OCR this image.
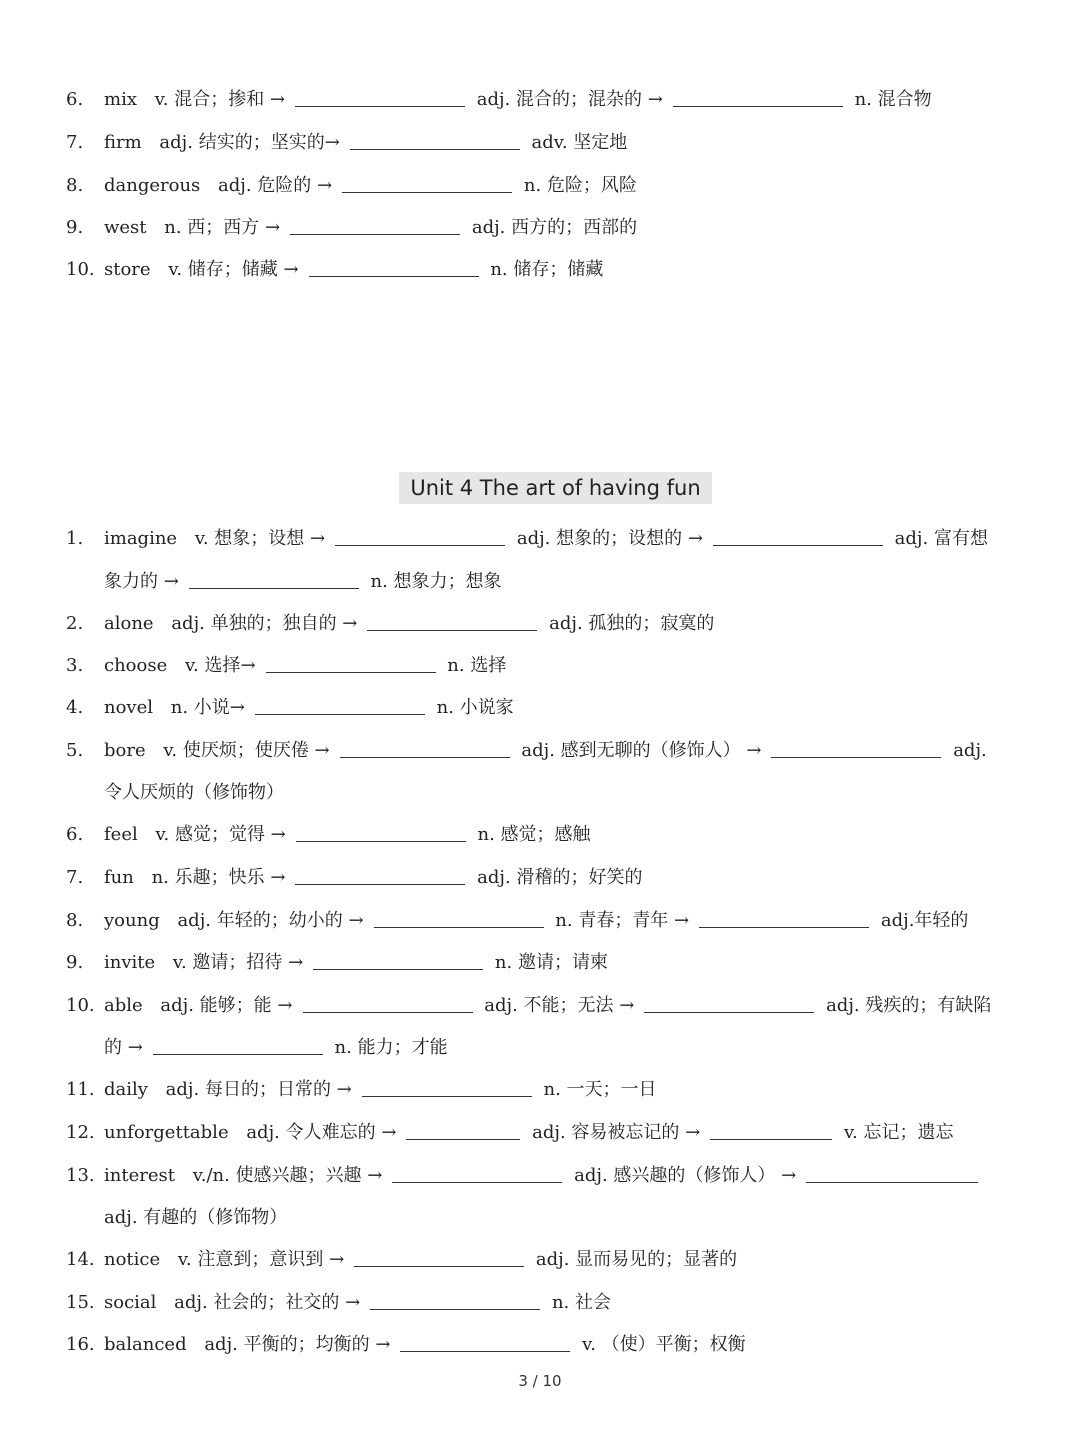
6. mix v. 混合；掺和 →	adj. 混合的；混杂的 →	n. 混合物
7. firm adj. 结实的；坚实的→	adv. 坚定地
8. dangerous adj. 危险的 →	n. 危险；风险
9. west n. 西；西方 →	adj. 西方的；西部的
10. store v. 储存；储藏 →	n. 储存；储藏
Unit 4 The art of having fun
1. imagine v. 想象；设想 →	adj. 想象的；设想的 →	adj. 富有想
象力的 →	n. 想象力；想象
2. alone adj. 单独的；独自的 →	adj. 孤独的；寂寞的
3. choose v. 选择→	n. 选择
4. novel n. 小说→	n. 小说家
5. bore v. 使厌烦；使厌倦 →	adj. 感到无聊的（修饰人） →	adj.
令人厌烦的（修饰物）
6. feel v. 感觉；觉得 →	n. 感觉；感触
7. fun n. 乐趣；快乐 →	adj. 滑稽的；好笑的
8. young adj. 年轻的；幼小的 →	n. 青春；青年 →	adj.年轻的
9. invite v. 邀请；招待 →	n. 邀请；请柬
10. able adj. 能够；能 →	adj. 不能；无法 →	adj. 残疾的；有缺陷
的 →	n. 能力；才能
11. daily adj. 每日的；日常的 →	n. 一天；一日
12. unforgettable adj. 令人难忘的 →	adj. 容易被忘记的 →	v. 忘记；遗忘
13. interest v./n. 使感兴趣；兴趣 →	adj. 感兴趣的（修饰人） →
adj. 有趣的（修饰物）
14. notice v. 注意到；意识到 →	adj. 显而易见的；显著的
15. social adj. 社会的；社交的 →	n. 社会
16. balanced adj. 平衡的；均衡的 →	v. （使）平衡；权衡
3 / 10
